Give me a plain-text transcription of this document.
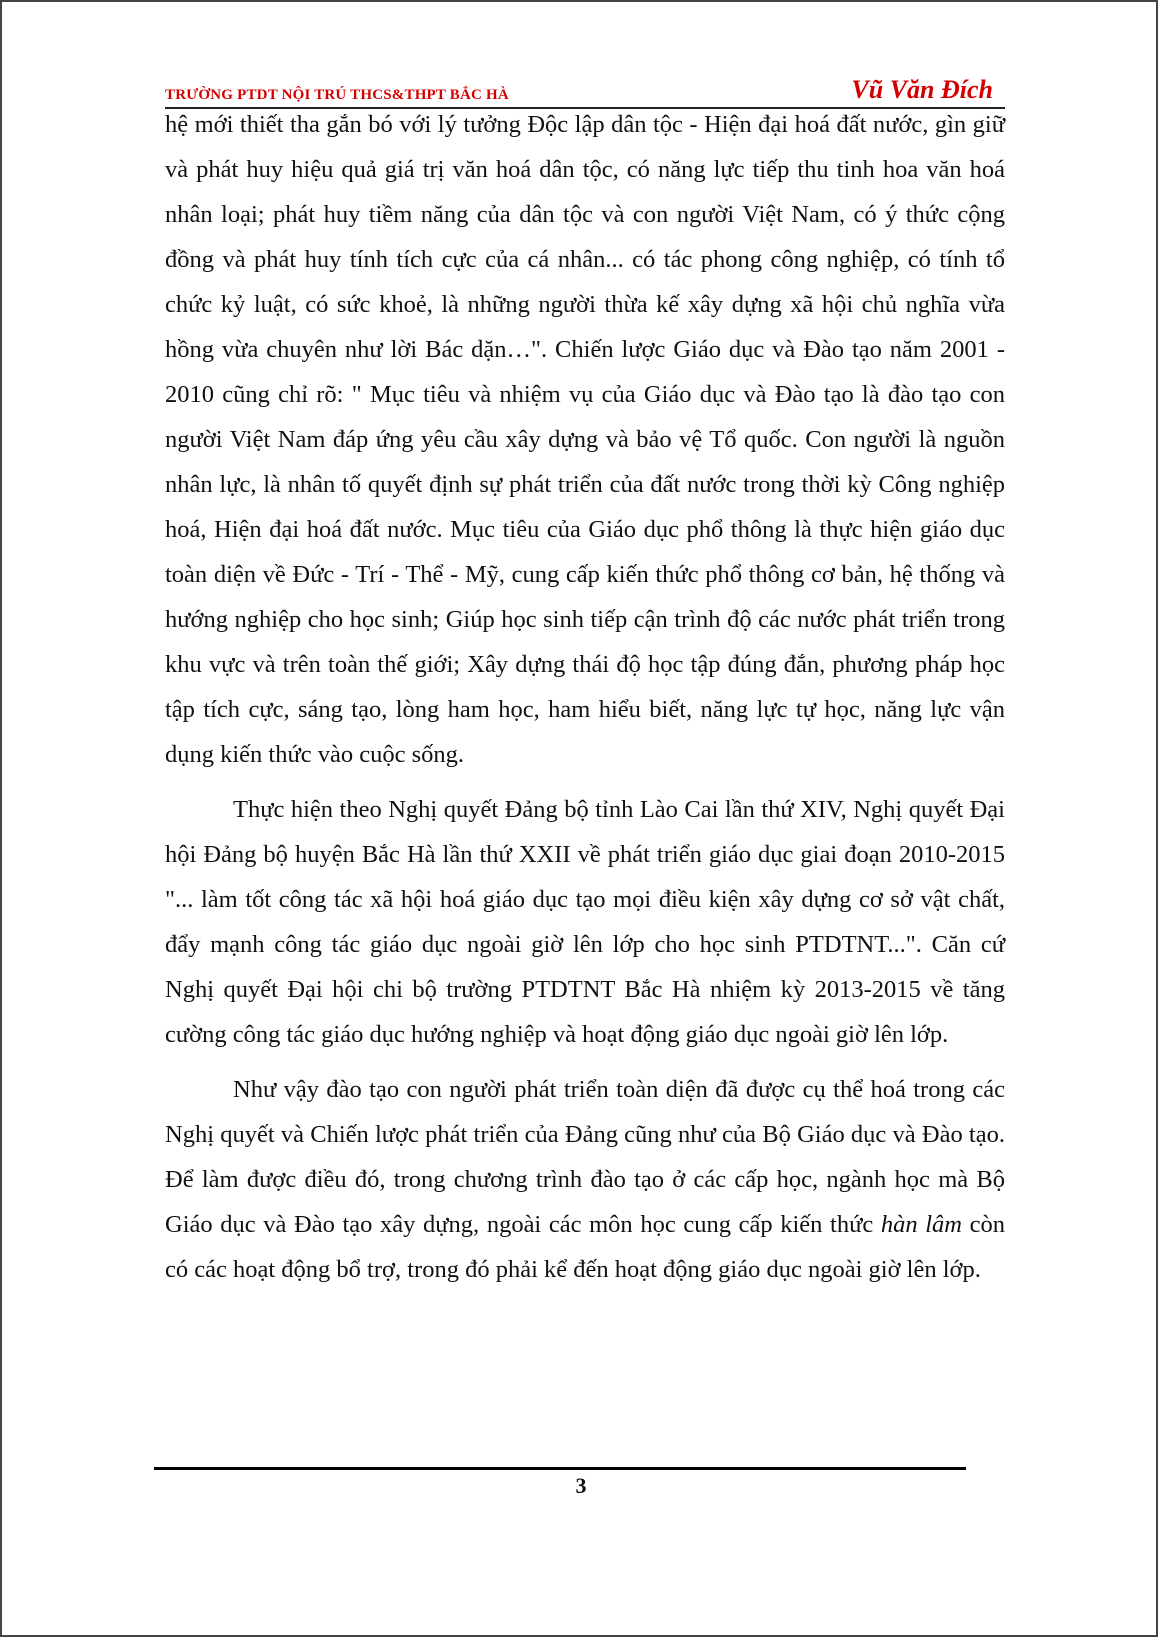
TRƯỜNG PTDT NỘI TRÚ THCS&THPT BẮC HÀ	Vũ Văn Đích

hệ mới thiết tha gắn bó với lý tưởng Độc lập dân tộc - Hiện đại hoá đất nước, gìn giữ và phát huy hiệu quả giá trị văn hoá dân tộc, có năng lực tiếp thu tinh hoa văn hoá nhân loại; phát huy tiềm năng của dân tộc và con người Việt Nam, có ý thức cộng đồng và phát huy tính tích cực của cá nhân... có tác phong công nghiệp, có tính tổ chức kỷ luật, có sức khoẻ, là những người thừa kế xây dựng xã hội chủ nghĩa vừa hồng vừa chuyên như lời Bác dặn…". Chiến lược Giáo dục và Đào tạo năm 2001 - 2010 cũng chỉ rõ: " Mục tiêu và nhiệm vụ của Giáo dục và Đào tạo là đào tạo con người Việt Nam đáp ứng yêu cầu xây dựng và bảo vệ Tổ quốc. Con người là nguồn nhân lực, là nhân tố quyết định sự phát triển của đất nước trong thời kỳ Công nghiệp hoá, Hiện đại hoá đất nước. Mục tiêu của Giáo dục phổ thông là thực hiện giáo dục toàn diện về Đức - Trí - Thể - Mỹ, cung cấp kiến thức phổ thông cơ bản, hệ thống và hướng nghiệp cho học sinh; Giúp học sinh tiếp cận trình độ các nước phát triển trong khu vực và trên toàn thế giới; Xây dựng thái độ học tập đúng đắn, phương pháp học tập tích cực, sáng tạo, lòng ham học, ham hiểu biết, năng lực tự học, năng lực vận dụng kiến thức vào cuộc sống.

Thực hiện theo Nghị quyết Đảng bộ tỉnh Lào Cai lần thứ XIV, Nghị quyết Đại hội Đảng bộ huyện Bắc Hà lần thứ XXII về phát triển giáo dục giai đoạn 2010-2015 "... làm tốt công tác xã hội hoá giáo dục tạo mọi điều kiện xây dựng cơ sở vật chất, đẩy mạnh công tác giáo dục ngoài giờ lên lớp cho học sinh PTDTNT...". Căn cứ Nghị quyết Đại hội chi bộ trường PTDTNT Bắc Hà nhiệm kỳ 2013-2015 về tăng cường công tác giáo dục hướng nghiệp và hoạt động giáo dục ngoài giờ lên lớp.

Như vậy đào tạo con người phát triển toàn diện đã được cụ thể hoá trong các Nghị quyết và Chiến lược phát triển của Đảng cũng như của Bộ Giáo dục và Đào tạo. Để làm được điều đó, trong chương trình đào tạo ở các cấp học, ngành học mà Bộ Giáo dục và Đào tạo xây dựng, ngoài các môn học cung cấp kiến thức hàn lâm còn có các hoạt động bổ trợ, trong đó phải kể đến hoạt động giáo dục ngoài giờ lên lớp.

3
